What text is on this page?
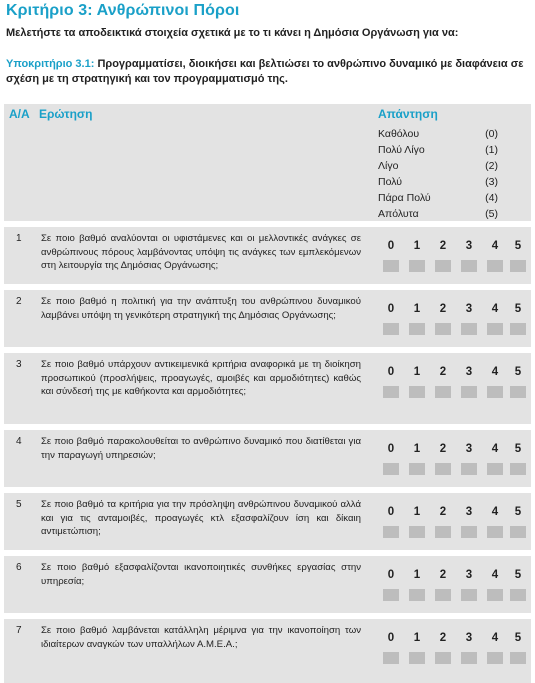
Κριτήριο 3: Ανθρώπινοι Πόροι
Μελετήστε τα αποδεικτικά στοιχεία σχετικά με το τι κάνει η Δημόσια Οργάνωση για να:
Υποκριτήριο 3.1: Προγραμματίσει, διοικήσει και βελτιώσει το ανθρώπινο δυναμικό με διαφάνεια σε σχέση με τη στρατηγική και τον προγραμματισμό της.
Α/Α Ερώτηση	Απάντηση
Καθόλου	(0)
Πολύ Λίγο	(1)
Λίγο	(2)
Πολύ	(3)
Πάρα Πολύ	(4)
Απόλυτα	(5)
1 Σε ποιο βαθμό αναλύονται οι υφιστάμενες και οι μελλοντικές ανάγκες σε ανθρώπινους πόρους λαμβάνοντας υπόψη τις ανάγκες των εμπλεκόμενων στη λειτουργία της Δημόσιας Οργάνωσης;
0	1	2	3	4	5
2 Σε ποιο βαθμό η πολιτική για την ανάπτυξη του ανθρώπινου δυναμικού λαμβάνει υπόψη τη γενικότερη στρατηγική της Δημόσιας Οργάνωσης;
0	1	2	3	4	5
3 Σε ποιο βαθμό υπάρχουν αντικειμενικά κριτήρια αναφορικά με τη διοίκηση προσωπικού (προσλήψεις, προαγωγές, αμοιβές και αρμοδιότητες) καθώς και σύνδεσή της με καθήκοντα και αρμοδιότητες;
0	1	2	3	4	5
4 Σε ποιο βαθμό παρακολουθείται το ανθρώπινο δυναμικό που διατίθεται για την παραγωγή υπηρεσιών;
0	1	2	3	4	5
5 Σε ποιο βαθμό τα κριτήρια για την πρόσληψη ανθρώπινου δυναμικού αλλά και για τις ανταμοιβές, προαγωγές κτλ εξασφαλίζουν ίση και δίκαιη αντιμετώπιση;
0	1	2	3	4	5
6 Σε ποιο βαθμό εξασφαλίζονται ικανοποιητικές συνθήκες εργασίας στην υπηρεσία;
0	1	2	3	4	5
7 Σε ποιο βαθμό λαμβάνεται κατάλληλη μέριμνα για την ικανοποίηση των ιδιαίτερων αναγκών των υπαλλήλων Α.Μ.Ε.Α.;
0	1	2	3	4	5
